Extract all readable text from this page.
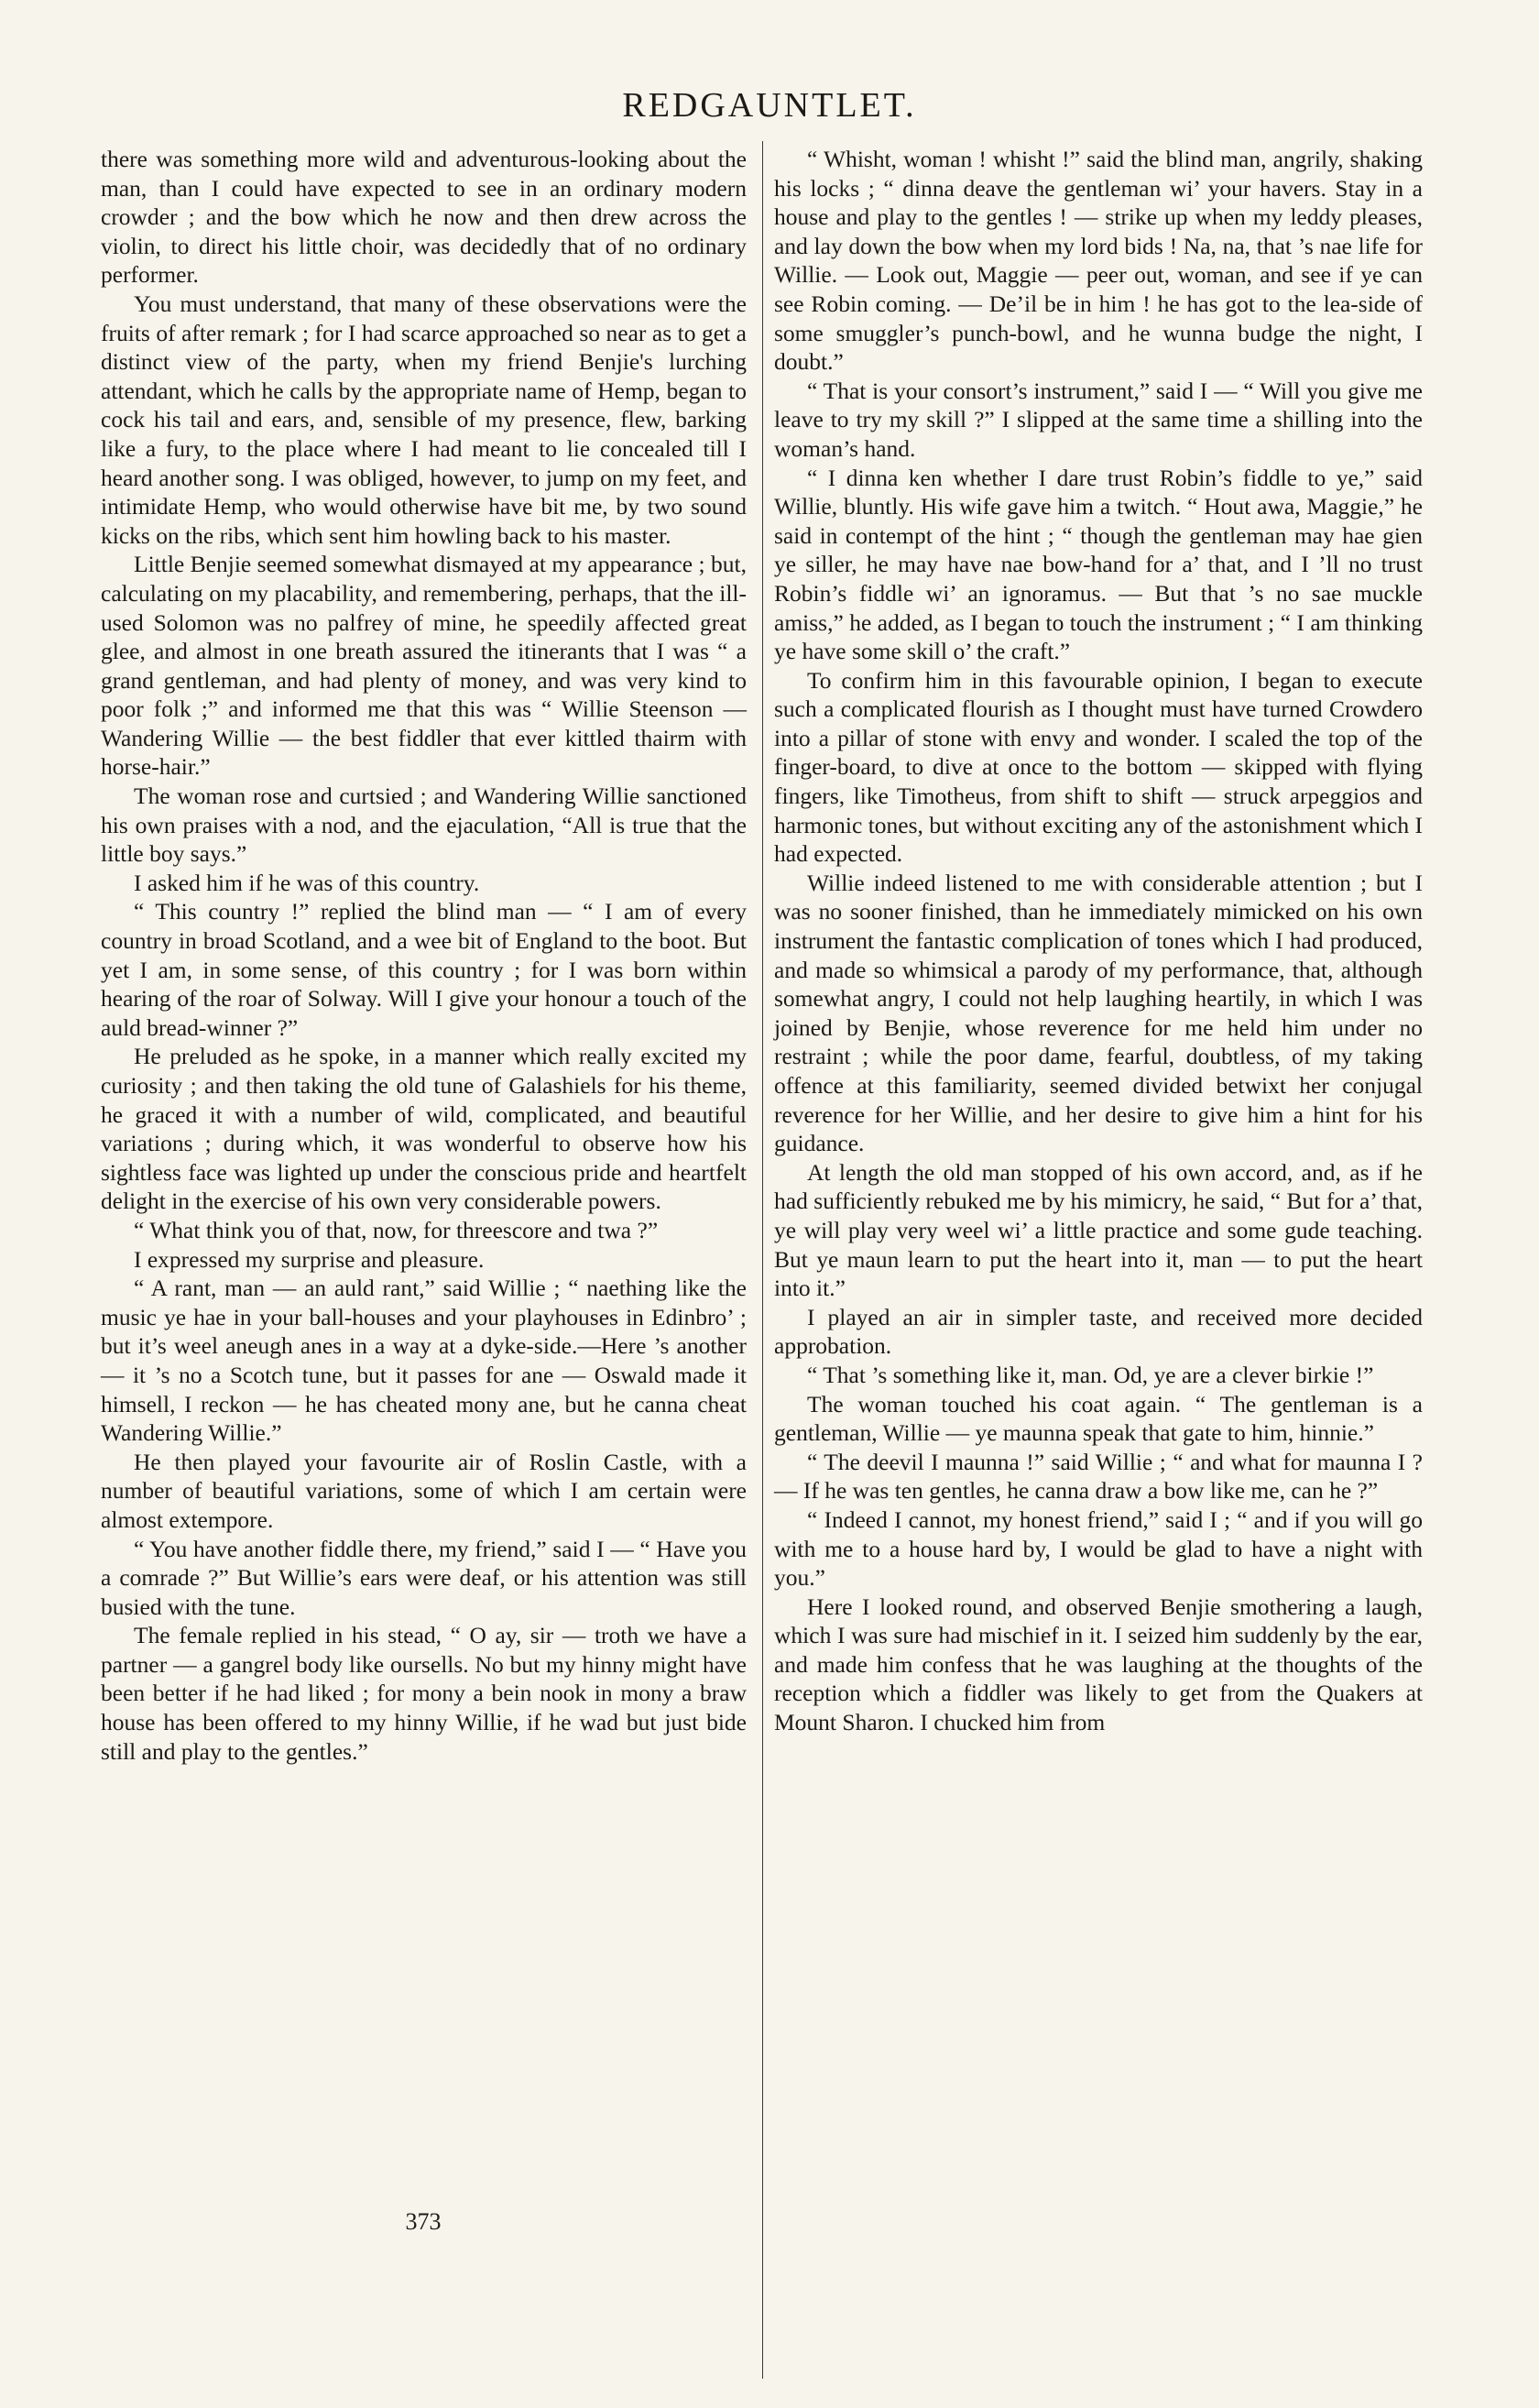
REDGAUNTLET.

there was something more wild and adventurous-looking about the man, than I could have expected to see in an ordinary modern crowder ; and the bow which he now and then drew across the violin, to direct his little choir, was decidedly that of no ordinary performer.

You must understand, that many of these observations were the fruits of after remark ; for I had scarce approached so near as to get a distinct view of the party, when my friend Benjie's lurching attendant, which he calls by the appropriate name of Hemp, began to cock his tail and ears, and, sensible of my presence, flew, barking like a fury, to the place where I had meant to lie concealed till I heard another song. I was obliged, however, to jump on my feet, and intimidate Hemp, who would otherwise have bit me, by two sound kicks on the ribs, which sent him howling back to his master.

Little Benjie seemed somewhat dismayed at my appearance ; but, calculating on my placability, and remembering, perhaps, that the ill-used Solomon was no palfrey of mine, he speedily affected great glee, and almost in one breath assured the itinerants that I was “ a grand gentleman, and had plenty of money, and was very kind to poor folk ;” and informed me that this was “ Willie Steenson —Wandering Willie — the best fiddler that ever kittled thairm with horse-hair.”

The woman rose and curtsied ; and Wandering Willie sanctioned his own praises with a nod, and the ejaculation, “All is true that the little boy says.”

I asked him if he was of this country.

“ This country !” replied the blind man — “ I am of every country in broad Scotland, and a wee bit of England to the boot. But yet I am, in some sense, of this country ; for I was born within hearing of the roar of Solway. Will I give your honour a touch of the auld bread-winner ?”

He preluded as he spoke, in a manner which really excited my curiosity ; and then taking the old tune of Galashiels for his theme, he graced it with a number of wild, complicated, and beautiful variations ; during which, it was wonderful to observe how his sightless face was lighted up under the conscious pride and heartfelt delight in the exercise of his own very considerable powers.

“ What think you of that, now, for threescore and twa ?”

I expressed my surprise and pleasure.

“ A rant, man — an auld rant,” said Willie ; “ naething like the music ye hae in your ball-houses and your playhouses in Edinbro’ ; but it’s weel aneugh anes in a way at a dyke-side.—Here ’s another — it ’s no a Scotch tune, but it passes for ane — Oswald made it himsell, I reckon — he has cheated mony ane, but he canna cheat Wandering Willie.”

He then played your favourite air of Roslin Castle, with a number of beautiful variations, some of which I am certain were almost extempore.

“ You have another fiddle there, my friend,” said I — “ Have you a comrade ?” But Willie’s ears were deaf, or his attention was still busied with the tune.

The female replied in his stead, “ O ay, sir — troth we have a partner — a gangrel body like oursells. No but my hinny might have been better if he had liked ; for mony a bein nook in mony a braw house has been offered to my hinny Willie, if he wad but just bide still and play to the gentles.”

“ Whisht, woman ! whisht !” said the blind man, angrily, shaking his locks ; “ dinna deave the gentleman wi’ your havers. Stay in a house and play to the gentles ! — strike up when my leddy pleases, and lay down the bow when my lord bids ! Na, na, that ’s nae life for Willie. — Look out, Maggie — peer out, woman, and see if ye can see Robin coming. — De’il be in him ! he has got to the lea-side of some smuggler’s punch-bowl, and he wunna budge the night, I doubt.”

“ That is your consort’s instrument,” said I — “ Will you give me leave to try my skill ?” I slipped at the same time a shilling into the woman’s hand.

“ I dinna ken whether I dare trust Robin’s fiddle to ye,” said Willie, bluntly. His wife gave him a twitch. “ Hout awa, Maggie,” he said in contempt of the hint ; “ though the gentleman may hae gien ye siller, he may have nae bow-hand for a’ that, and I ’ll no trust Robin’s fiddle wi’ an ignoramus. — But that ’s no sae muckle amiss,” he added, as I began to touch the instrument ; “ I am thinking ye have some skill o’ the craft.”

To confirm him in this favourable opinion, I began to execute such a complicated flourish as I thought must have turned Crowdero into a pillar of stone with envy and wonder. I scaled the top of the finger-board, to dive at once to the bottom — skipped with flying fingers, like Timotheus, from shift to shift — struck arpeggios and harmonic tones, but without exciting any of the astonishment which I had expected.

Willie indeed listened to me with considerable attention ; but I was no sooner finished, than he immediately mimicked on his own instrument the fantastic complication of tones which I had produced, and made so whimsical a parody of my performance, that, although somewhat angry, I could not help laughing heartily, in which I was joined by Benjie, whose reverence for me held him under no restraint ; while the poor dame, fearful, doubtless, of my taking offence at this familiarity, seemed divided betwixt her conjugal reverence for her Willie, and her desire to give him a hint for his guidance.

At length the old man stopped of his own accord, and, as if he had sufficiently rebuked me by his mimicry, he said, “ But for a’ that, ye will play very weel wi’ a little practice and some gude teaching. But ye maun learn to put the heart into it, man — to put the heart into it.”

I played an air in simpler taste, and received more decided approbation.

“ That ’s something like it, man. Od, ye are a clever birkie !”

The woman touched his coat again. “ The gentleman is a gentleman, Willie — ye maunna speak that gate to him, hinnie.”

“ The deevil I maunna !” said Willie ; “ and what for maunna I ? — If he was ten gentles, he canna draw a bow like me, can he ?”

“ Indeed I cannot, my honest friend,” said I ; “ and if you will go with me to a house hard by, I would be glad to have a night with you.”

Here I looked round, and observed Benjie smothering a laugh, which I was sure had mischief in it. I seized him suddenly by the ear, and made him confess that he was laughing at the thoughts of the reception which a fiddler was likely to get from the Quakers at Mount Sharon. I chucked him from

373
